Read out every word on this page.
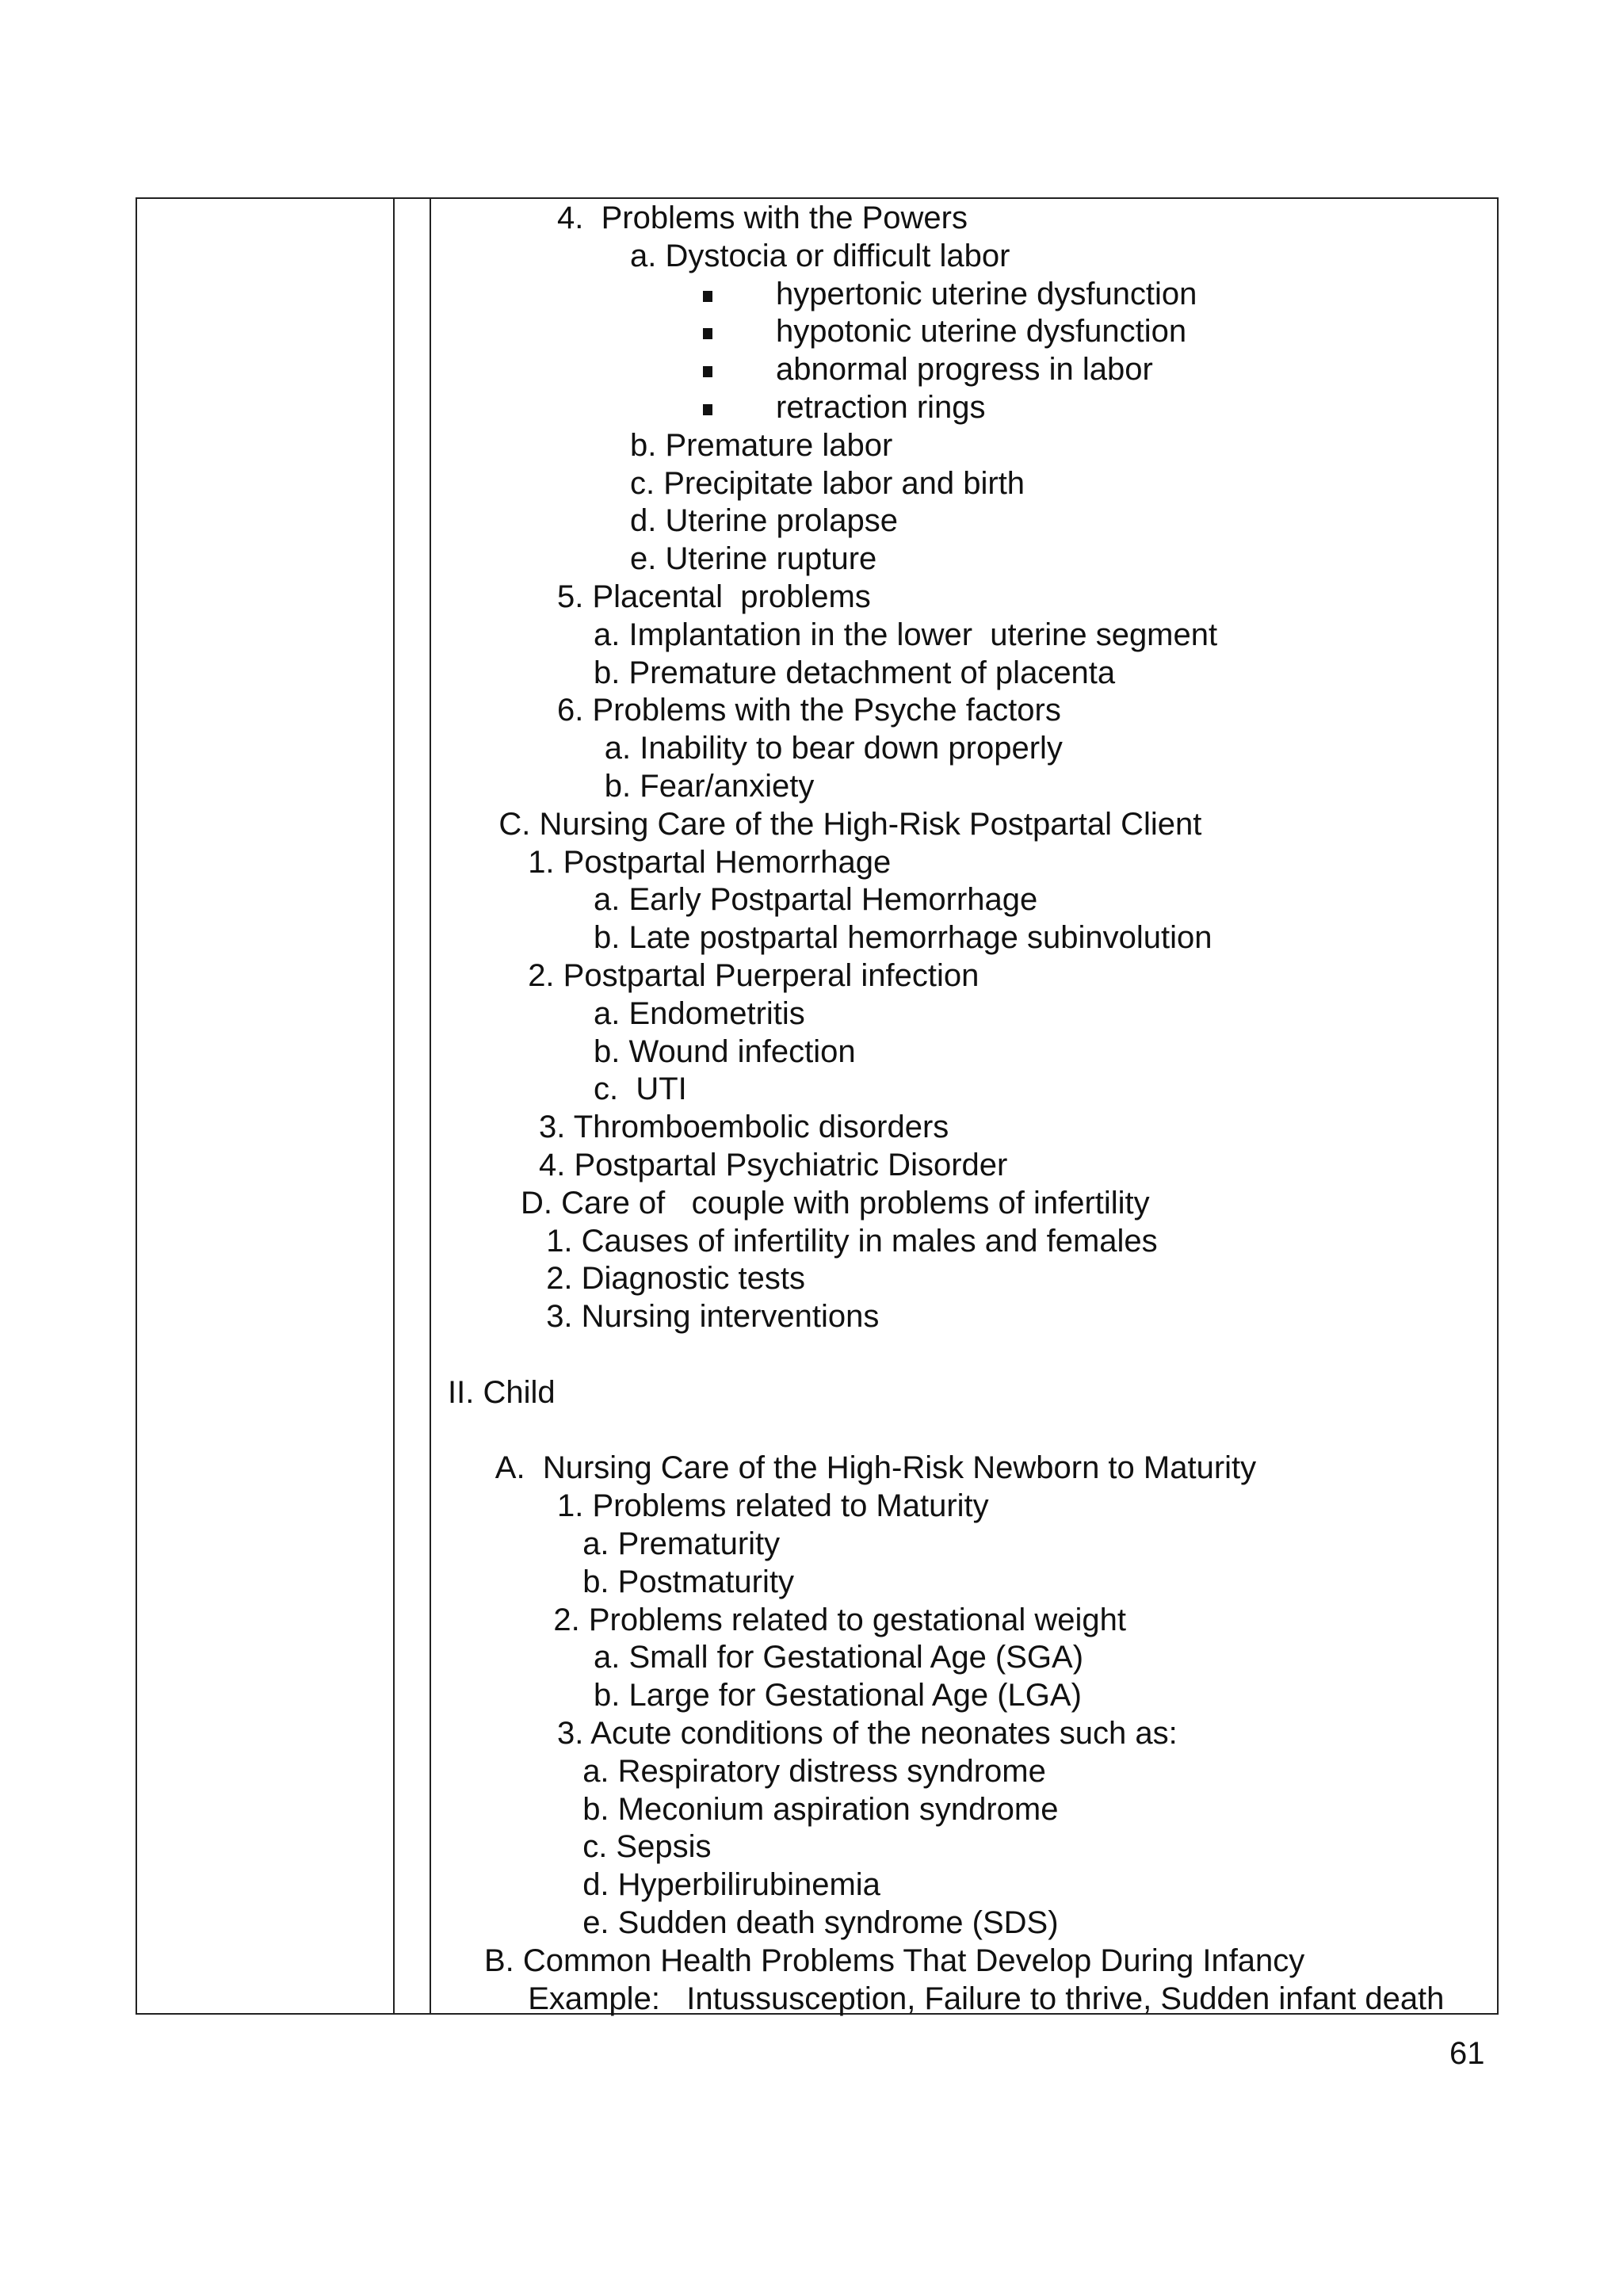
4.  Problems with the Powers
a. Dystocia or difficult labor
hypertonic uterine dysfunction
hypotonic uterine dysfunction
abnormal progress in labor
retraction rings
b. Premature labor
c. Precipitate labor and birth
d. Uterine prolapse
e. Uterine rupture
5. Placental  problems
a. Implantation in the lower  uterine segment
b. Premature detachment of placenta
6. Problems with the Psyche factors
a. Inability to bear down properly
b. Fear/anxiety
C. Nursing Care of the High-Risk Postpartal Client
1. Postpartal Hemorrhage
a. Early Postpartal Hemorrhage
b. Late postpartal hemorrhage subinvolution
2. Postpartal Puerperal infection
a. Endometritis
b. Wound infection
c.  UTI
3. Thromboembolic disorders
4. Postpartal Psychiatric Disorder
D. Care of   couple with problems of infertility
1. Causes of infertility in males and females
2. Diagnostic tests
3. Nursing interventions
II. Child
A.  Nursing Care of the High-Risk Newborn to Maturity
1. Problems related to Maturity
a. Prematurity
b. Postmaturity
2. Problems related to gestational weight
a. Small for Gestational Age (SGA)
b. Large for Gestational Age (LGA)
3. Acute conditions of the neonates such as:
a. Respiratory distress syndrome
b. Meconium aspiration syndrome
c. Sepsis
d. Hyperbilirubinemia
e. Sudden death syndrome (SDS)
B. Common Health Problems That Develop During Infancy
Example:   Intussusception, Failure to thrive, Sudden infant death
61
